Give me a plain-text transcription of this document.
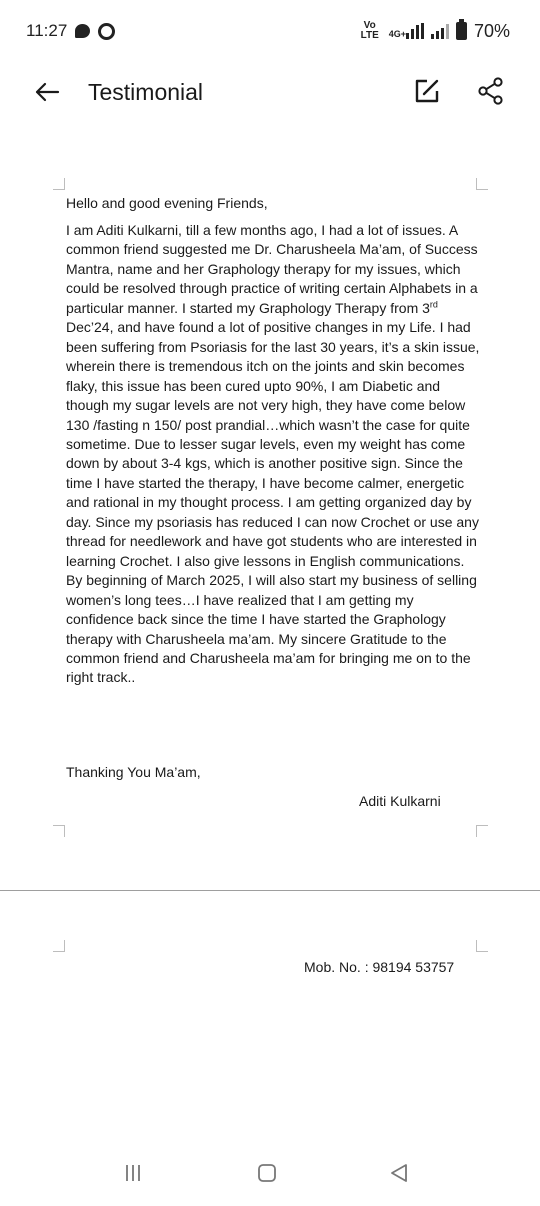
11:27	Vo
LTE	4G+	70%
Testimonial
Hello and good evening Friends,
I am Aditi Kulkarni, till a few months ago, I had a lot of issues. A common friend suggested me Dr. Charusheela Ma’am, of Success Mantra, name and her Graphology therapy for my issues, which could be resolved through practice of writing certain Alphabets in a particular manner. I started my Graphology Therapy from 3rd Dec’24, and have found a lot of positive changes in my Life. I had been suffering from Psoriasis for the last 30 years, it’s a skin issue, wherein there is tremendous itch on the joints and skin becomes flaky, this issue has been cured upto 90%, I am Diabetic and though my sugar levels are not very high, they have come below 130 /fasting n 150/ post prandial…which wasn’t the case for quite sometime. Due to lesser sugar levels, even my weight has come down by about 3-4 kgs, which is another positive sign. Since the time I have started the therapy, I have become calmer, energetic and rational in my thought process. I am getting organized day by day. Since my psoriasis has reduced I can now Crochet or use any thread for needlework and have got students who are interested in learning Crochet. I also give lessons in English communications. By beginning of March 2025, I will also start my business of selling women’s long tees…I have realized that I am getting my confidence back since the time I have started the Graphology therapy with Charusheela ma’am. My sincere Gratitude to the common friend and Charusheela ma’am for bringing me on to the right track..
Thanking You Ma’am,
Aditi Kulkarni
Mob. No. : 98194 53757
